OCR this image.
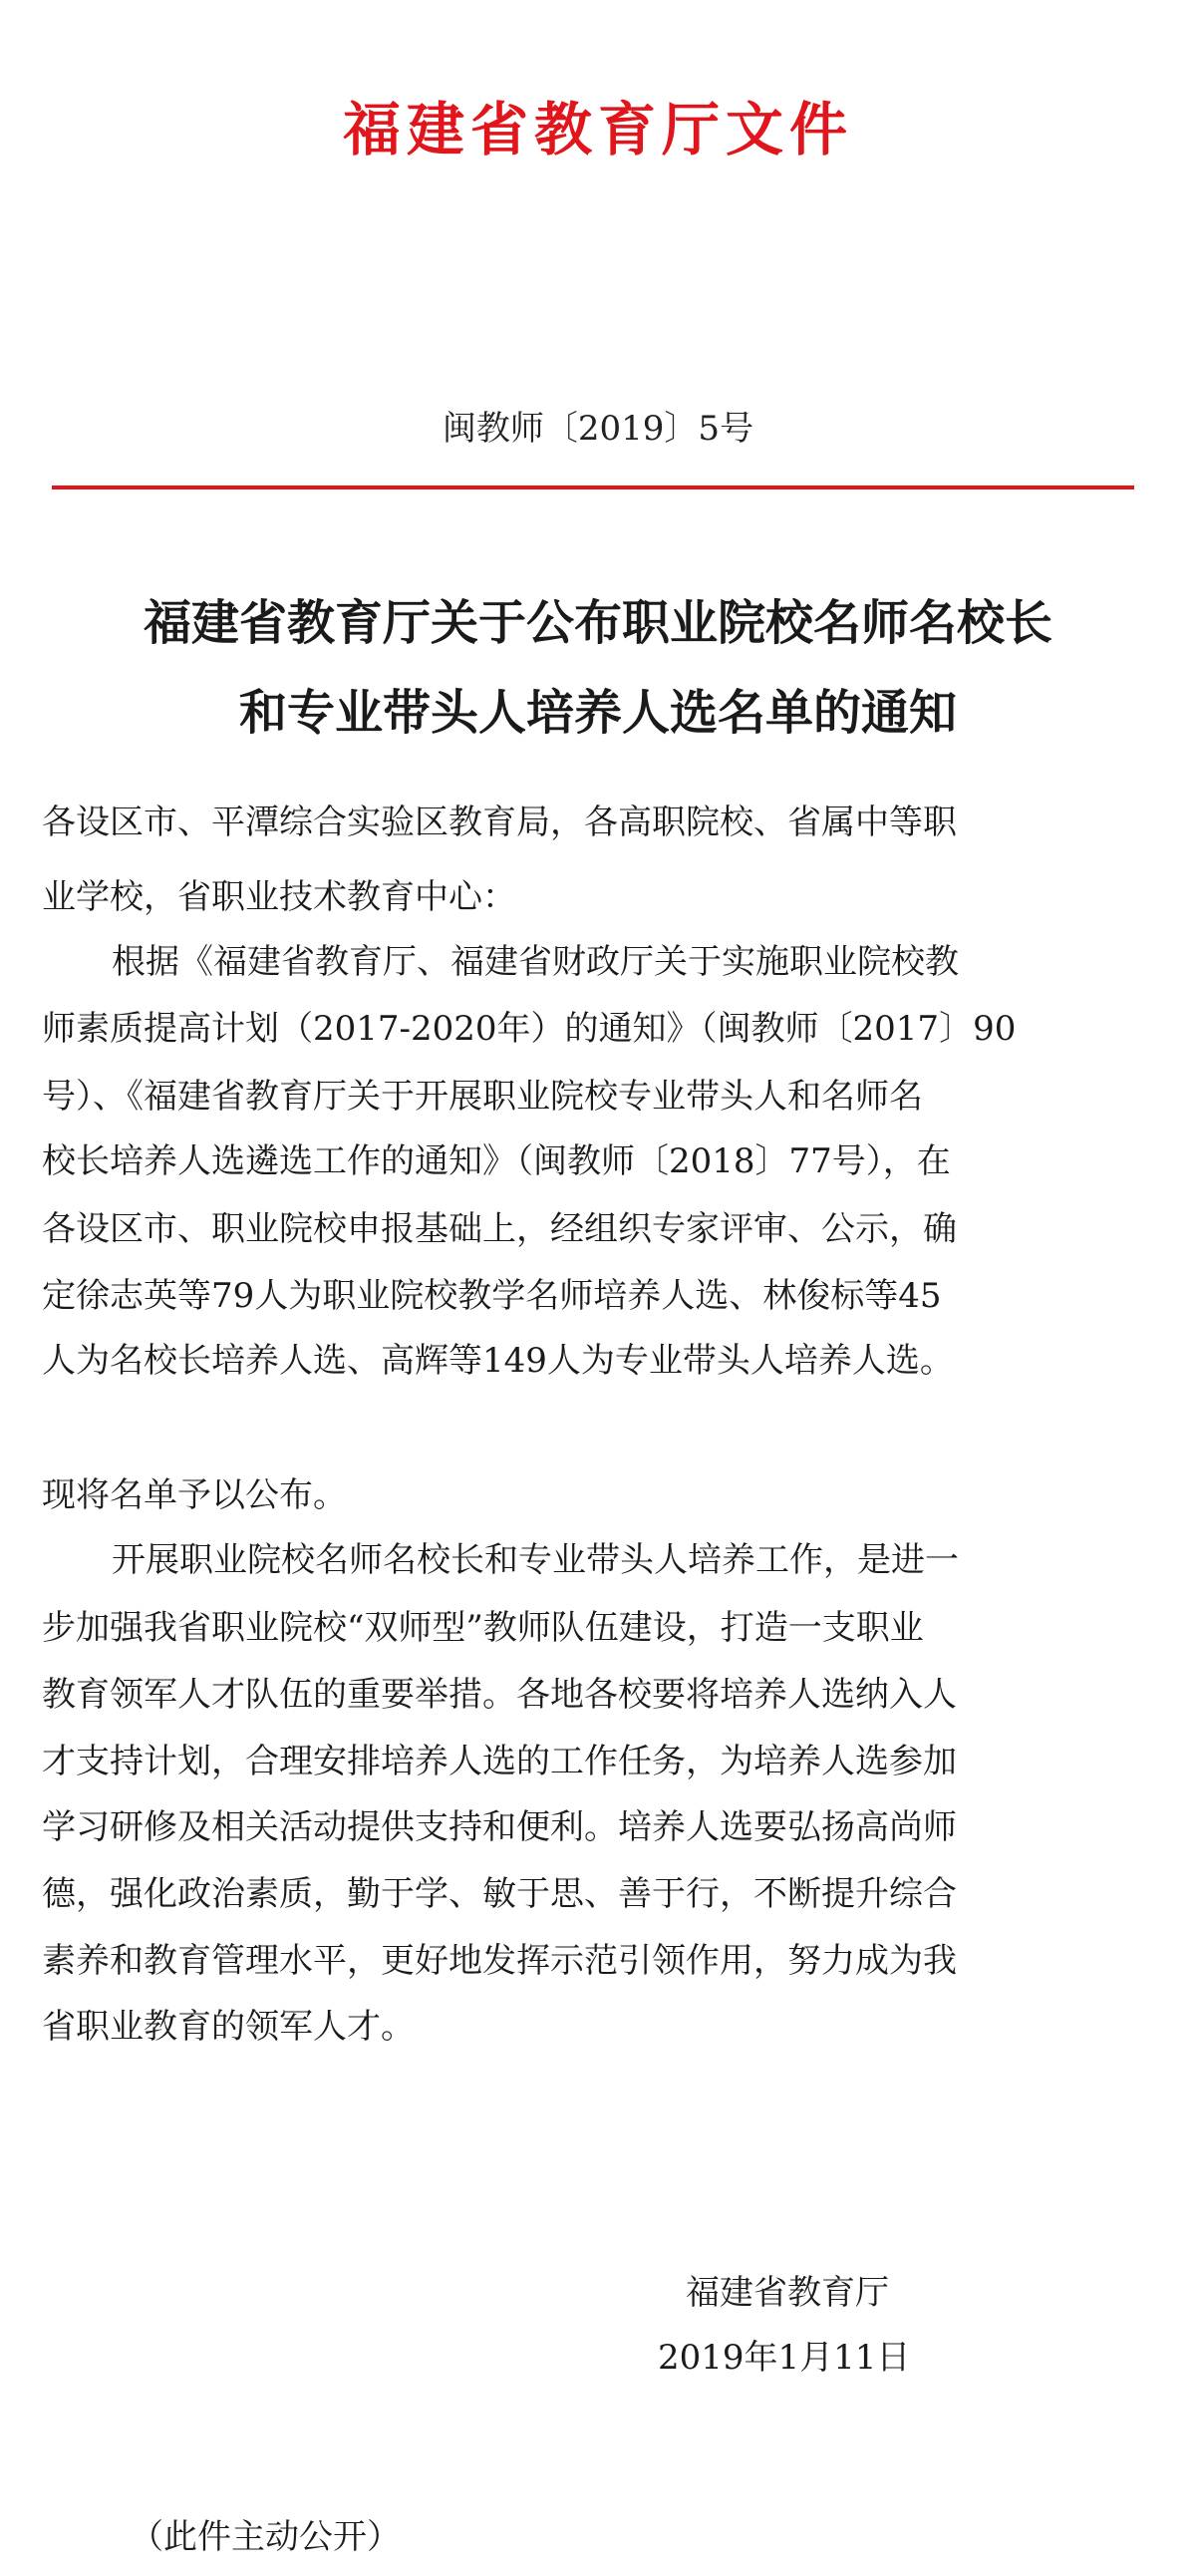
福建省教育厅文件
闽教师〔2019〕5号
福建省教育厅关于公布职业院校名师名校长
和专业带头人培养人选名单的通知
各设区市、平潭综合实验区教育局，各高职院校、省属中等职
业学校，省职业技术教育中心：
根据《福建省教育厅、福建省财政厅关于实施职业院校教
师素质提高计划（2017-2020年）的通知》（闽教师〔2017〕90
号）、《福建省教育厅关于开展职业院校专业带头人和名师名
校长培养人选遴选工作的通知》（闽教师〔2018〕77号），在
各设区市、职业院校申报基础上，经组织专家评审、公示，确
定徐志英等79人为职业院校教学名师培养人选、林俊标等45
人为名校长培养人选、高辉等149人为专业带头人培养人选。
现将名单予以公布。
开展职业院校名师名校长和专业带头人培养工作，是进一
步加强我省职业院校“双师型”教师队伍建设，打造一支职业
教育领军人才队伍的重要举措。各地各校要将培养人选纳入人
才支持计划，合理安排培养人选的工作任务，为培养人选参加
学习研修及相关活动提供支持和便利。培养人选要弘扬高尚师
德，强化政治素质，勤于学、敏于思、善于行，不断提升综合
素养和教育管理水平，更好地发挥示范引领作用，努力成为我
省职业教育的领军人才。
福建省教育厅
2019年1月11日
（此件主动公开）
